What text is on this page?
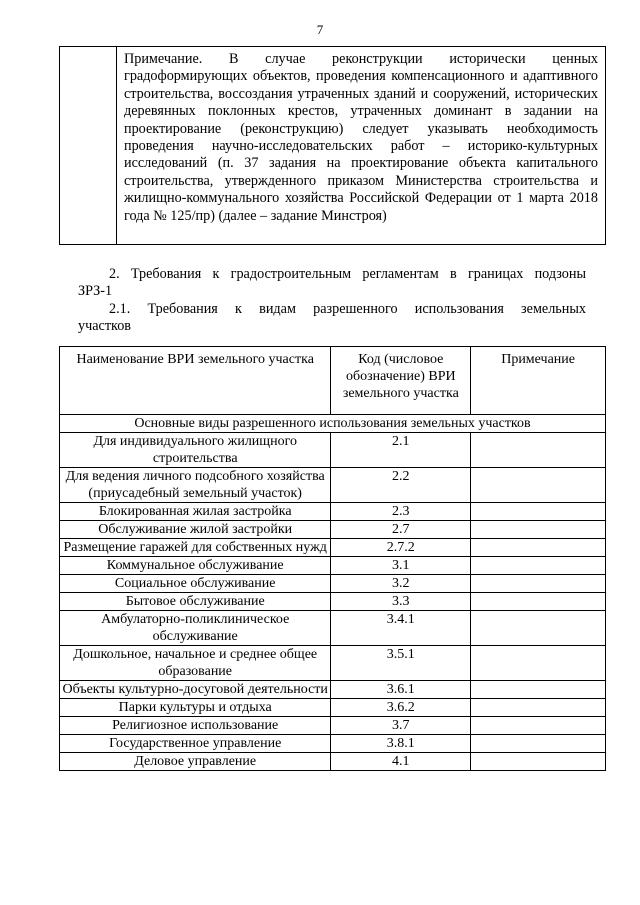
7

Примечание. В случае реконструкции исторически ценных градоформирующих объектов, проведения компенсационного и адаптивного строительства, воссоздания утраченных зданий и сооружений, исторических деревянных поклонных крестов, утраченных доминант в задании на проектирование (реконструкцию) следует указывать необходимость проведения научно-исследовательских работ – историко-культурных исследований (п. 37 задания на проектирование объекта капитального строительства, утвержденного приказом Министерства строительства и жилищно-коммунального хозяйства Российской Федерации от 1 марта 2018 года № 125/пр) (далее – задание Минстроя)

2. Требования к градостроительным регламентам в границах подзоны
ЗРЗ-1
2.1. Требования к видам разрешенного использования земельных
участков
Наименование ВРИ земельного участка	Код (числовое обозначение) ВРИ земельного участка	Примечание
Основные виды разрешенного использования земельных участков		
Для индивидуального жилищного строительства	2.1	
Для ведения личного подсобного хозяйства (приусадебный земельный участок)	2.2	
Блокированная жилая застройка	2.3	
Обслуживание жилой застройки	2.7	
Размещение гаражей для собственных нужд	2.7.2	
Коммунальное обслуживание	3.1	
Социальное обслуживание	3.2	
Бытовое обслуживание	3.3	
Амбулаторно-поликлиническое обслуживание	3.4.1	
Дошкольное, начальное и среднее общее образование	3.5.1	
Объекты культурно-досуговой деятельности	3.6.1	
Парки культуры и отдыха	3.6.2	
Религиозное использование	3.7	
Государственное управление	3.8.1	
Деловое управление	4.1	
